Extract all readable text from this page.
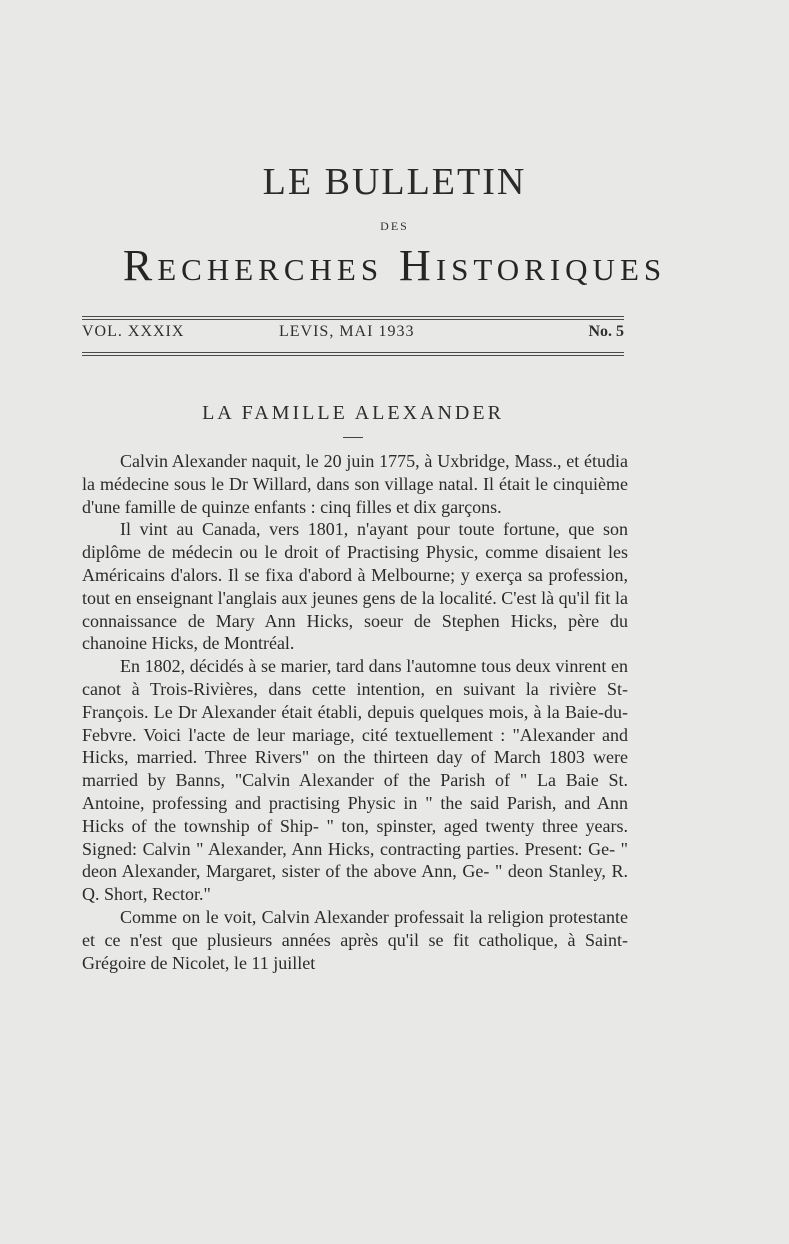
LE BULLETIN
DES
Recherches Historiques
VOL. XXXIX	LEVIS, MAI 1933	No. 5
LA FAMILLE ALEXANDER

Calvin Alexander naquit, le 20 juin 1775, à Uxbridge, Mass., et étudia la médecine sous le Dr Willard, dans son village natal. Il était le cinquième d'une famille de quinze enfants : cinq filles et dix garçons.

Il vint au Canada, vers 1801, n'ayant pour toute fortune, que son diplôme de médecin ou le droit of Practising Physic, comme disaient les Américains d'alors. Il se fixa d'abord à Melbourne; y exerça sa profession, tout en enseignant l'anglais aux jeunes gens de la localité. C'est là qu'il fit la connaissance de Mary Ann Hicks, soeur de Stephen Hicks, père du chanoine Hicks, de Montréal.

En 1802, décidés à se marier, tard dans l'automne tous deux vinrent en canot à Trois-Rivières, dans cette intention, en suivant la rivière St-François. Le Dr Alexander était établi, depuis quelques mois, à la Baie-du-Febvre. Voici l'acte de leur mariage, cité textuellement : "Alexander and Hicks, married. Three Rivers" on the thirteen day of March 1803 were married by Banns, "Calvin Alexander of the Parish of " La Baie St. Antoine, professing and practising Physic in " the said Parish, and Ann Hicks of the township of Ship- " ton, spinster, aged twenty three years. Signed: Calvin " Alexander, Ann Hicks, contracting parties. Present: Ge- " deon Alexander, Margaret, sister of the above Ann, Ge- " deon Stanley, R. Q. Short, Rector."

Comme on le voit, Calvin Alexander professait la religion protestante et ce n'est que plusieurs années après qu'il se fit catholique, à Saint-Grégoire de Nicolet, le 11 juillet
